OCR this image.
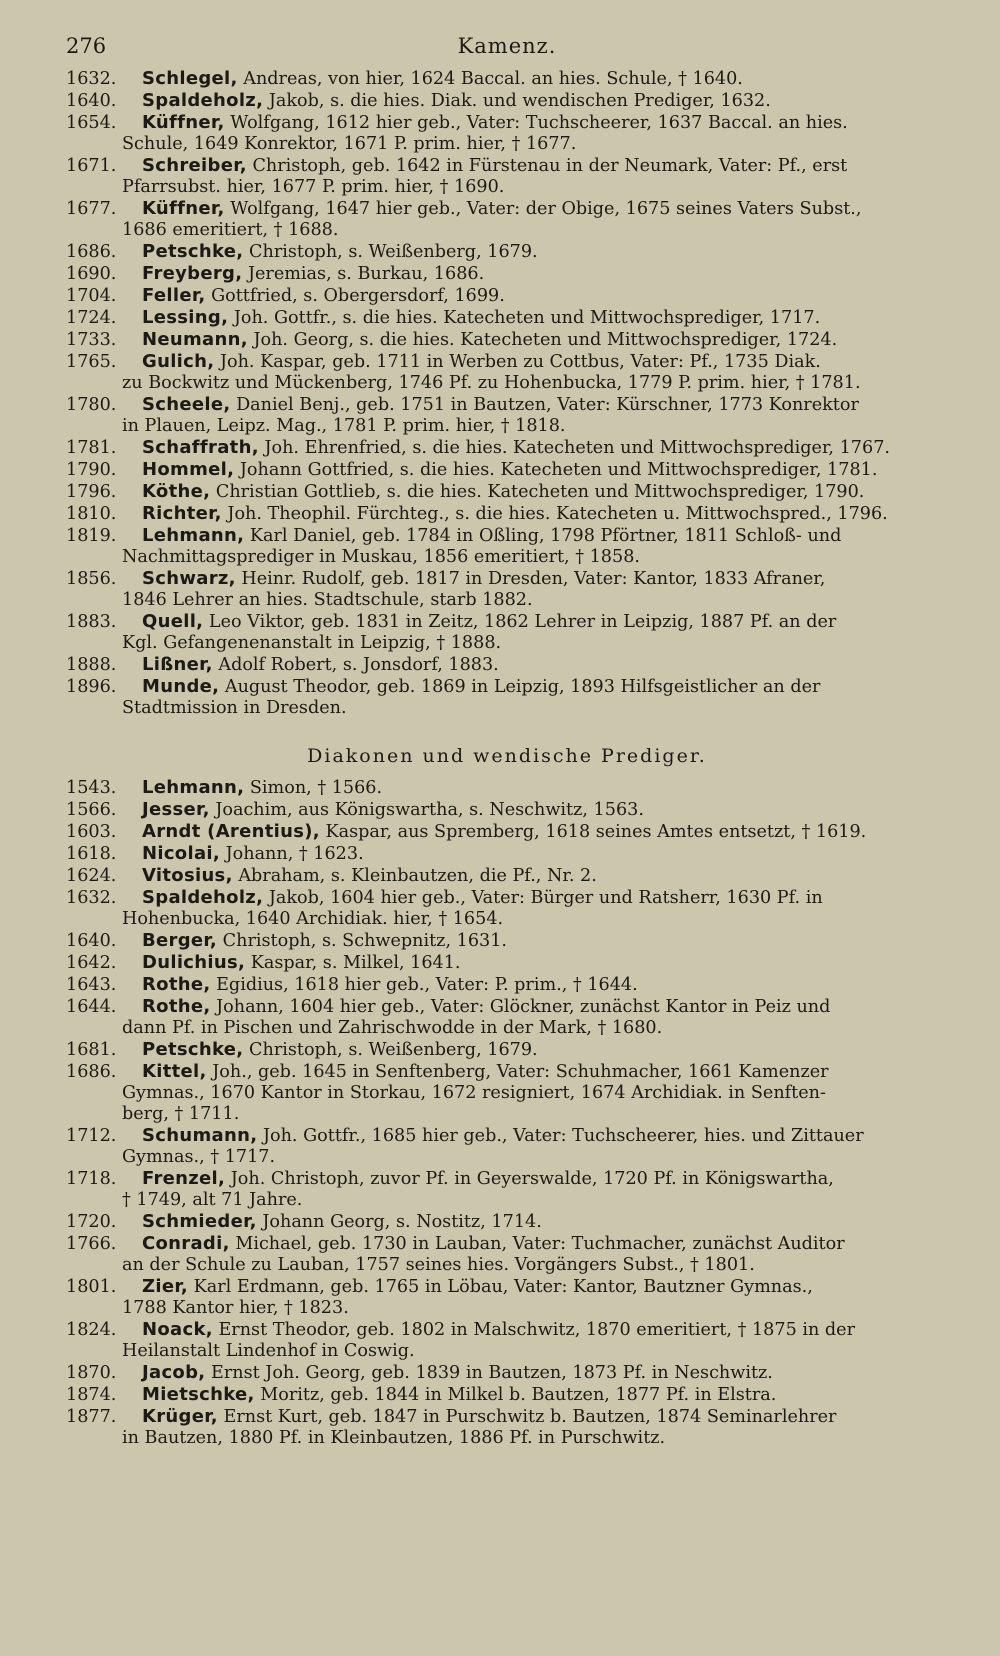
276	Kamenz.
1632. Schlegel, Andreas, von hier, 1624 Baccal. an hies. Schule, † 1640.
1640. Spaldeholz, Jakob, s. die hies. Diak. und wendischen Prediger, 1632.
1654. Küffner, Wolfgang, 1612 hier geb., Vater: Tuchscheerer, 1637 Baccal. an hies.
Schule, 1649 Konrektor, 1671 P. prim. hier, † 1677.
1671. Schreiber, Christoph, geb. 1642 in Fürstenau in der Neumark, Vater: Pf., erst
Pfarrsubst. hier, 1677 P. prim. hier, † 1690.
1677. Küffner, Wolfgang, 1647 hier geb., Vater: der Obige, 1675 seines Vaters Subst.,
1686 emeritiert, † 1688.
1686. Petschke, Christoph, s. Weißenberg, 1679.
1690. Freyberg, Jeremias, s. Burkau, 1686.
1704. Feller, Gottfried, s. Obergersdorf, 1699.
1724. Lessing, Joh. Gottfr., s. die hies. Katecheten und Mittwochsprediger, 1717.
1733. Neumann, Joh. Georg, s. die hies. Katecheten und Mittwochsprediger, 1724.
1765. Gulich, Joh. Kaspar, geb. 1711 in Werben zu Cottbus, Vater: Pf., 1735 Diak.
zu Bockwitz und Mückenberg, 1746 Pf. zu Hohenbucka, 1779 P. prim. hier, † 1781.
1780. Scheele, Daniel Benj., geb. 1751 in Bautzen, Vater: Kürschner, 1773 Konrektor
in Plauen, Leipz. Mag., 1781 P. prim. hier, † 1818.
1781. Schaffrath, Joh. Ehrenfried, s. die hies. Katecheten und Mittwochsprediger, 1767.
1790. Hommel, Johann Gottfried, s. die hies. Katecheten und Mittwochsprediger, 1781.
1796. Köthe, Christian Gottlieb, s. die hies. Katecheten und Mittwochsprediger, 1790.
1810. Richter, Joh. Theophil. Fürchteg., s. die hies. Katecheten u. Mittwochspred., 1796.
1819. Lehmann, Karl Daniel, geb. 1784 in Oßling, 1798 Pförtner, 1811 Schloß- und
Nachmittagsprediger in Muskau, 1856 emeritiert, † 1858.
1856. Schwarz, Heinr. Rudolf, geb. 1817 in Dresden, Vater: Kantor, 1833 Afraner,
1846 Lehrer an hies. Stadtschule, starb 1882.
1883. Quell, Leo Viktor, geb. 1831 in Zeitz, 1862 Lehrer in Leipzig, 1887 Pf. an der
Kgl. Gefangenenanstalt in Leipzig, † 1888.
1888. Lißner, Adolf Robert, s. Jonsdorf, 1883.
1896. Munde, August Theodor, geb. 1869 in Leipzig, 1893 Hilfsgeistlicher an der
Stadtmission in Dresden.
Diakonen und wendische Prediger.
1543. Lehmann, Simon, † 1566.
1566. Jesser, Joachim, aus Königswartha, s. Neschwitz, 1563.
1603. Arndt (Arentius), Kaspar, aus Spremberg, 1618 seines Amtes entsetzt, † 1619.
1618. Nicolai, Johann, † 1623.
1624. Vitosius, Abraham, s. Kleinbautzen, die Pf., Nr. 2.
1632. Spaldeholz, Jakob, 1604 hier geb., Vater: Bürger und Ratsherr, 1630 Pf. in
Hohenbucka, 1640 Archidiak. hier, † 1654.
1640. Berger, Christoph, s. Schwepnitz, 1631.
1642. Dulichius, Kaspar, s. Milkel, 1641.
1643. Rothe, Egidius, 1618 hier geb., Vater: P. prim., † 1644.
1644. Rothe, Johann, 1604 hier geb., Vater: Glöckner, zunächst Kantor in Peiz und
dann Pf. in Pischen und Zahrischwodde in der Mark, † 1680.
1681. Petschke, Christoph, s. Weißenberg, 1679.
1686. Kittel, Joh., geb. 1645 in Senftenberg, Vater: Schuhmacher, 1661 Kamenzer
Gymnas., 1670 Kantor in Storkau, 1672 resigniert, 1674 Archidiak. in Senften-
berg, † 1711.
1712. Schumann, Joh. Gottfr., 1685 hier geb., Vater: Tuchscheerer, hies. und Zittauer
Gymnas., † 1717.
1718. Frenzel, Joh. Christoph, zuvor Pf. in Geyerswalde, 1720 Pf. in Königswartha,
† 1749, alt 71 Jahre.
1720. Schmieder, Johann Georg, s. Nostitz, 1714.
1766. Conradi, Michael, geb. 1730 in Lauban, Vater: Tuchmacher, zunächst Auditor
an der Schule zu Lauban, 1757 seines hies. Vorgängers Subst., † 1801.
1801. Zier, Karl Erdmann, geb. 1765 in Löbau, Vater: Kantor, Bautzner Gymnas.,
1788 Kantor hier, † 1823.
1824. Noack, Ernst Theodor, geb. 1802 in Malschwitz, 1870 emeritiert, † 1875 in der
Heilanstalt Lindenhof in Coswig.
1870. Jacob, Ernst Joh. Georg, geb. 1839 in Bautzen, 1873 Pf. in Neschwitz.
1874. Mietschke, Moritz, geb. 1844 in Milkel b. Bautzen, 1877 Pf. in Elstra.
1877. Krüger, Ernst Kurt, geb. 1847 in Purschwitz b. Bautzen, 1874 Seminarlehrer
in Bautzen, 1880 Pf. in Kleinbautzen, 1886 Pf. in Purschwitz.
